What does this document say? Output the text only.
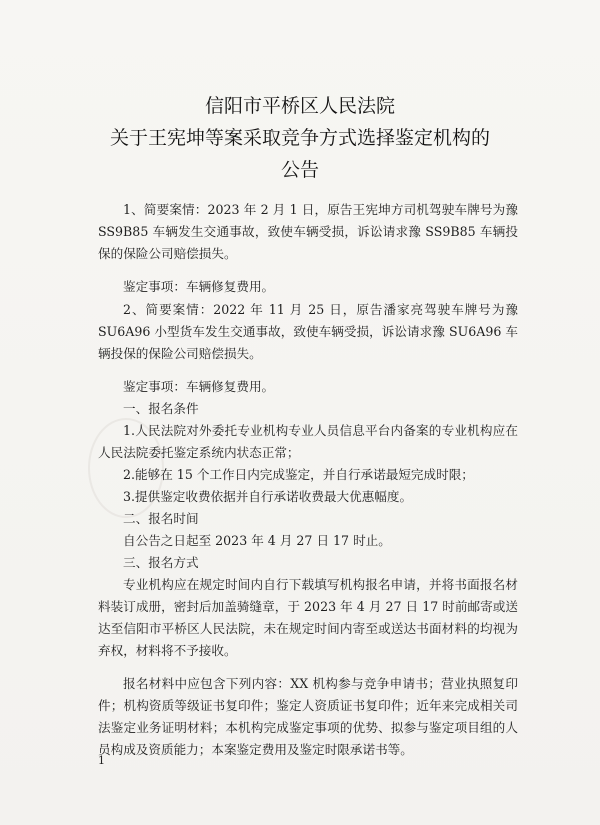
信阳市平桥区人民法院
关于王宪坤等案采取竞争方式选择鉴定机构的
公告

1、简要案情：2023 年 2 月 1 日，原告王宪坤方司机驾驶车牌号为豫 SS9B85 车辆发生交通事故，致使车辆受损，诉讼请求豫 SS9B85 车辆投保的保险公司赔偿损失。

鉴定事项：车辆修复费用。

2、简要案情：2022 年 11 月 25 日，原告潘家亮驾驶车牌号为豫 SU6A96 小型货车发生交通事故，致使车辆受损，诉讼请求豫 SU6A96 车辆投保的保险公司赔偿损失。

鉴定事项：车辆修复费用。

一、报名条件

1.人民法院对外委托专业机构专业人员信息平台内备案的专业机构应在人民法院委托鉴定系统内状态正常；

2.能够在 15 个工作日内完成鉴定，并自行承诺最短完成时限；

3.提供鉴定收费依据并自行承诺收费最大优惠幅度。

二、报名时间

自公告之日起至 2023 年 4 月 27 日 17 时止。

三、报名方式

专业机构应在规定时间内自行下载填写机构报名申请，并将书面报名材料装订成册，密封后加盖骑缝章，于 2023 年 4 月 27 日 17 时前邮寄或送达至信阳市平桥区人民法院，未在规定时间内寄至或送达书面材料的均视为弃权，材料将不予接收。

报名材料中应包含下列内容：XX 机构参与竞争申请书；营业执照复印件；机构资质等级证书复印件；鉴定人资质证书复印件；近年来完成相关司法鉴定业务证明材料；本机构完成鉴定事项的优势、拟参与鉴定项目组的人员构成及资质能力；本案鉴定费用及鉴定时限承诺书等。

1
